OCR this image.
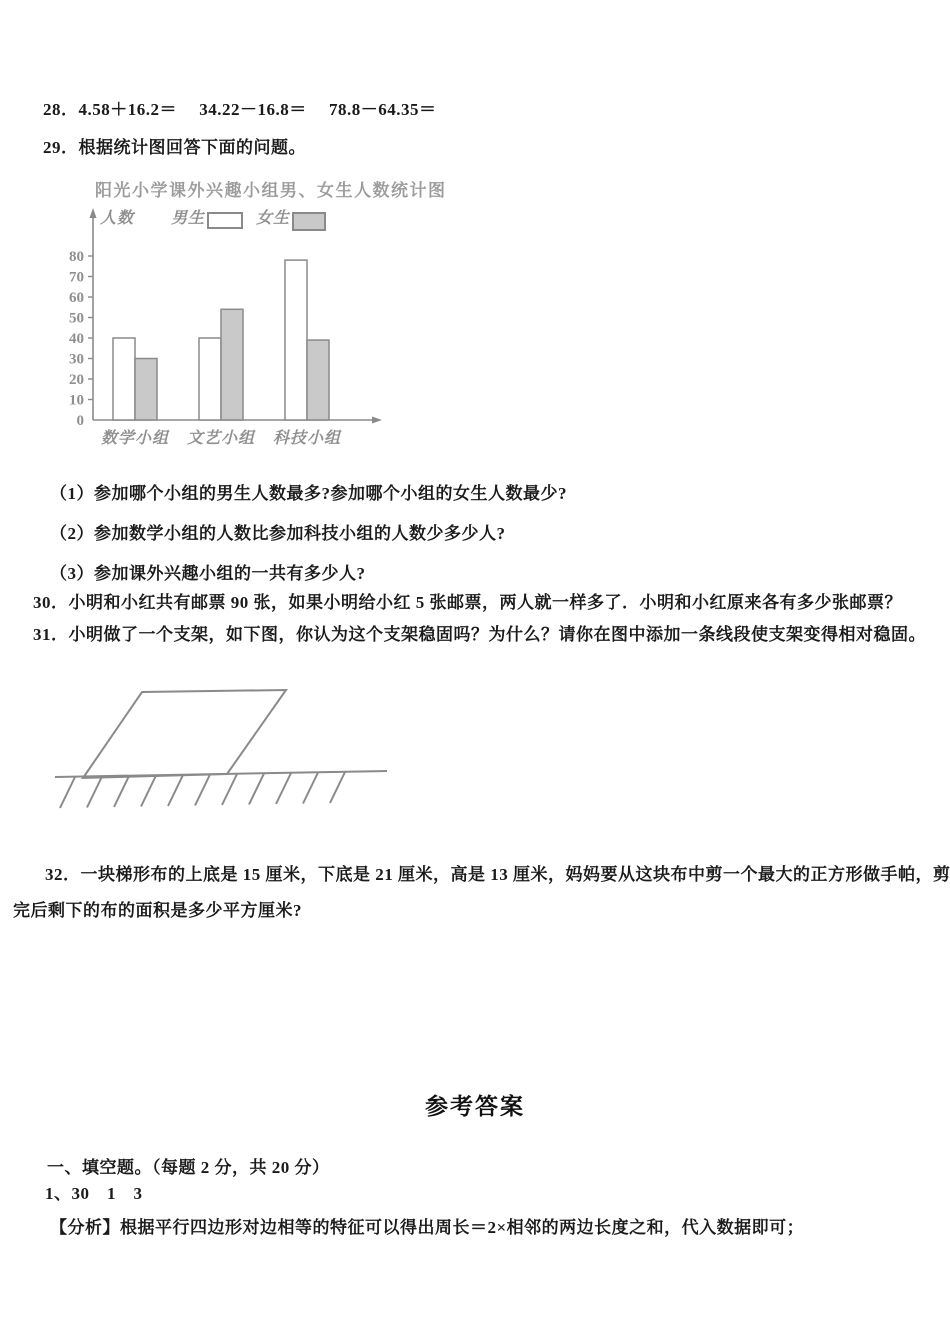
28．4.58＋16.2＝　 34.22－16.8＝　 78.8－64.35＝
29．根据统计图回答下面的问题。
阳光小学课外兴趣小组男、女生人数统计图
人数 男生	女生
0
10
20
30
40
50
60
70
80
数学小组 文艺小组 科技小组
（1）参加哪个小组的男生人数最多?参加哪个小组的女生人数最少?
（2）参加数学小组的人数比参加科技小组的人数少多少人?
（3）参加课外兴趣小组的一共有多少人?
30．小明和小红共有邮票 90 张，如果小明给小红 5 张邮票，两人就一样多了．小明和小红原来各有多少张邮票？
31．小明做了一个支架，如下图，你认为这个支架稳固吗？为什么？请你在图中添加一条线段使支架变得相对稳固。
32．一块梯形布的上底是 15 厘米，下底是 21 厘米，高是 13 厘米，妈妈要从这块布中剪一个最大的正方形做手帕，剪
完后剩下的布的面积是多少平方厘米?
参考答案
一、填空题。（每题 2 分，共 20 分）
1、30　1　3
【分析】根据平行四边形对边相等的特征可以得出周长＝2×相邻的两边长度之和，代入数据即可；
